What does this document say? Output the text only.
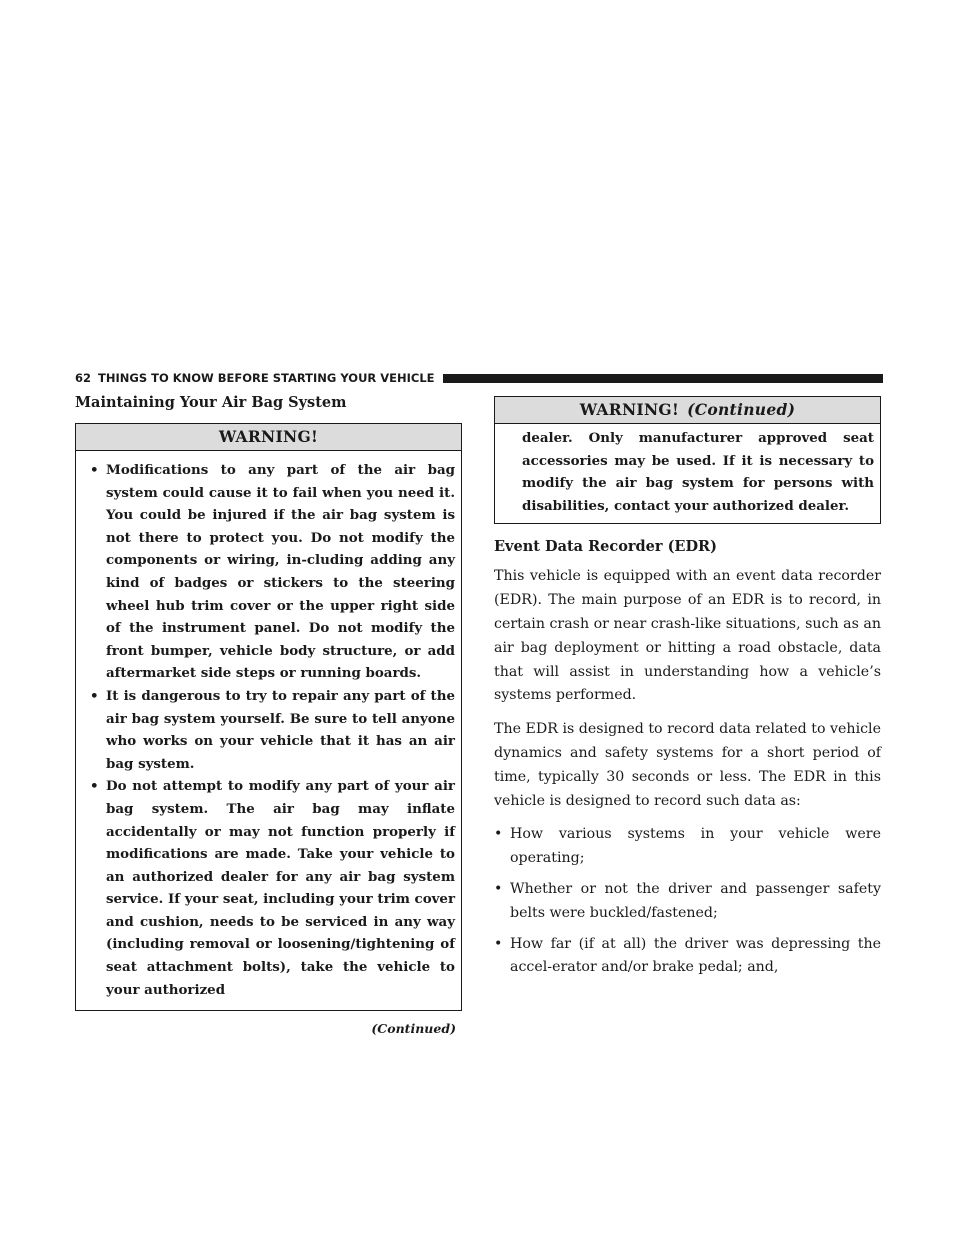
62 THINGS TO KNOW BEFORE STARTING YOUR VEHICLE
Maintaining Your Air Bag System
WARNING!
• Modifications to any part of the air bag system could cause it to fail when you need it. You could be injured if the air bag system is not there to protect you. Do not modify the components or wiring, in-cluding adding any kind of badges or stickers to the steering wheel hub trim cover or the upper right side of the instrument panel. Do not modify the front bumper, vehicle body structure, or add aftermarket side steps or running boards.
• It is dangerous to try to repair any part of the air bag system yourself. Be sure to tell anyone who works on your vehicle that it has an air bag system.
• Do not attempt to modify any part of your air bag system. The air bag may inflate accidentally or may not function properly if modifications are made. Take your vehicle to an authorized dealer for any air bag system service. If your seat, including your trim cover and cushion, needs to be serviced in any way (including removal or loosening/tightening of seat attachment bolts), take the vehicle to your authorized
(Continued)
WARNING! (Continued)
dealer. Only manufacturer approved seat accessories may be used. If it is necessary to modify the air bag system for persons with disabilities, contact your authorized dealer.
Event Data Recorder (EDR)

This vehicle is equipped with an event data recorder (EDR). The main purpose of an EDR is to record, in certain crash or near crash-like situations, such as an air bag deployment or hitting a road obstacle, data that will assist in understanding how a vehicle’s systems performed.

The EDR is designed to record data related to vehicle dynamics and safety systems for a short period of time, typically 30 seconds or less. The EDR in this vehicle is designed to record such data as:

• How various systems in your vehicle were operating;
• Whether or not the driver and passenger safety belts were buckled/fastened;
• How far (if at all) the driver was depressing the accel-erator and/or brake pedal; and,
